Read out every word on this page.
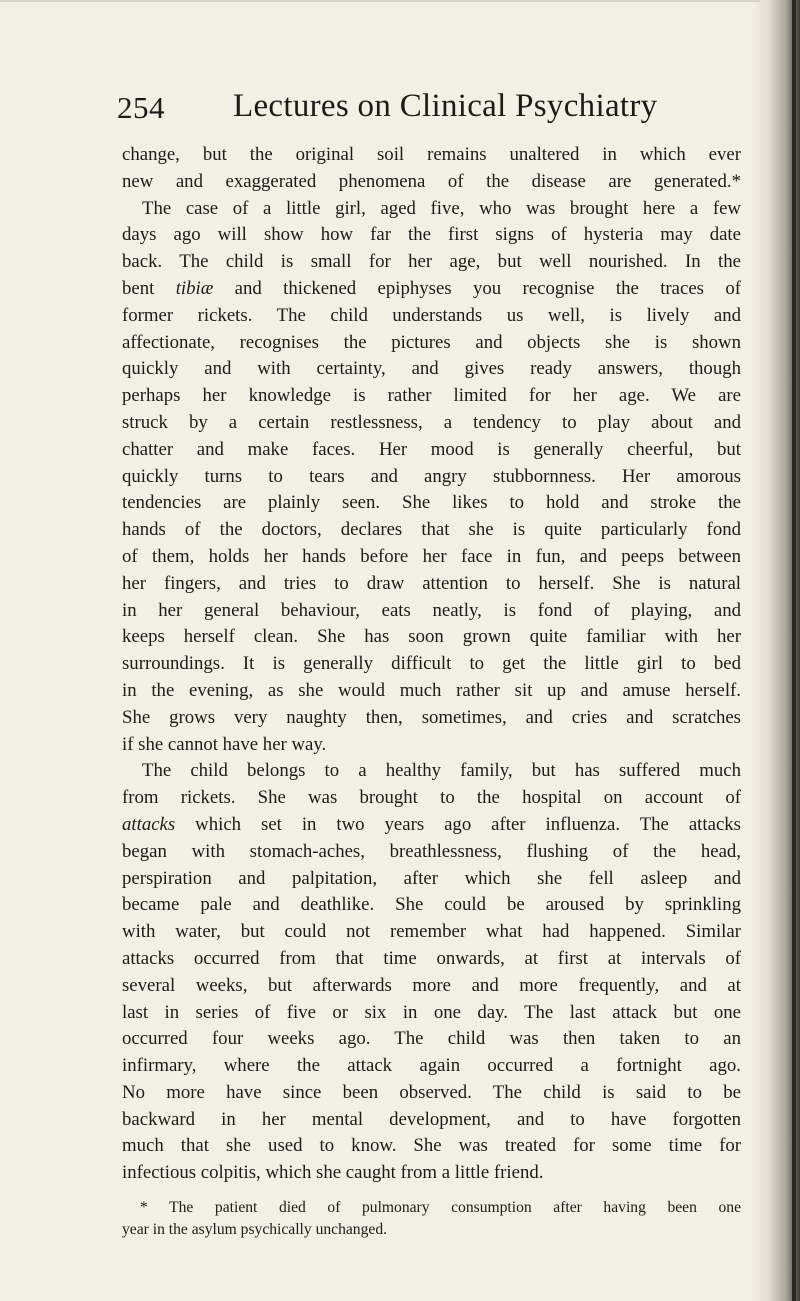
254 Lectures on Clinical Psychiatry
change, but the original soil remains unaltered in which ever
new and exaggerated phenomena of the disease are generated.*
The case of a little girl, aged five, who was brought here a few
days ago will show how far the first signs of hysteria may date
back. The child is small for her age, but well nourished. In the
bent tibiæ and thickened epiphyses you recognise the traces of
former rickets. The child understands us well, is lively and
affectionate, recognises the pictures and objects she is shown
quickly and with certainty, and gives ready answers, though
perhaps her knowledge is rather limited for her age. We are
struck by a certain restlessness, a tendency to play about and
chatter and make faces. Her mood is generally cheerful, but
quickly turns to tears and angry stubbornness. Her amorous
tendencies are plainly seen. She likes to hold and stroke the
hands of the doctors, declares that she is quite particularly fond
of them, holds her hands before her face in fun, and peeps between
her fingers, and tries to draw attention to herself. She is natural
in her general behaviour, eats neatly, is fond of playing, and
keeps herself clean. She has soon grown quite familiar with her
surroundings. It is generally difficult to get the little girl to bed
in the evening, as she would much rather sit up and amuse herself.
She grows very naughty then, sometimes, and cries and scratches
if she cannot have her way.
The child belongs to a healthy family, but has suffered much
from rickets. She was brought to the hospital on account of
attacks which set in two years ago after influenza. The attacks
began with stomach-aches, breathlessness, flushing of the head,
perspiration and palpitation, after which she fell asleep and
became pale and deathlike. She could be aroused by sprinkling
with water, but could not remember what had happened. Similar
attacks occurred from that time onwards, at first at intervals of
several weeks, but afterwards more and more frequently, and at
last in series of five or six in one day. The last attack but one
occurred four weeks ago. The child was then taken to an
infirmary, where the attack again occurred a fortnight ago.
No more have since been observed. The child is said to be
backward in her mental development, and to have forgotten
much that she used to know. She was treated for some time for
infectious colpitis, which she caught from a little friend.
* The patient died of pulmonary consumption after having been one
year in the asylum psychically unchanged.
